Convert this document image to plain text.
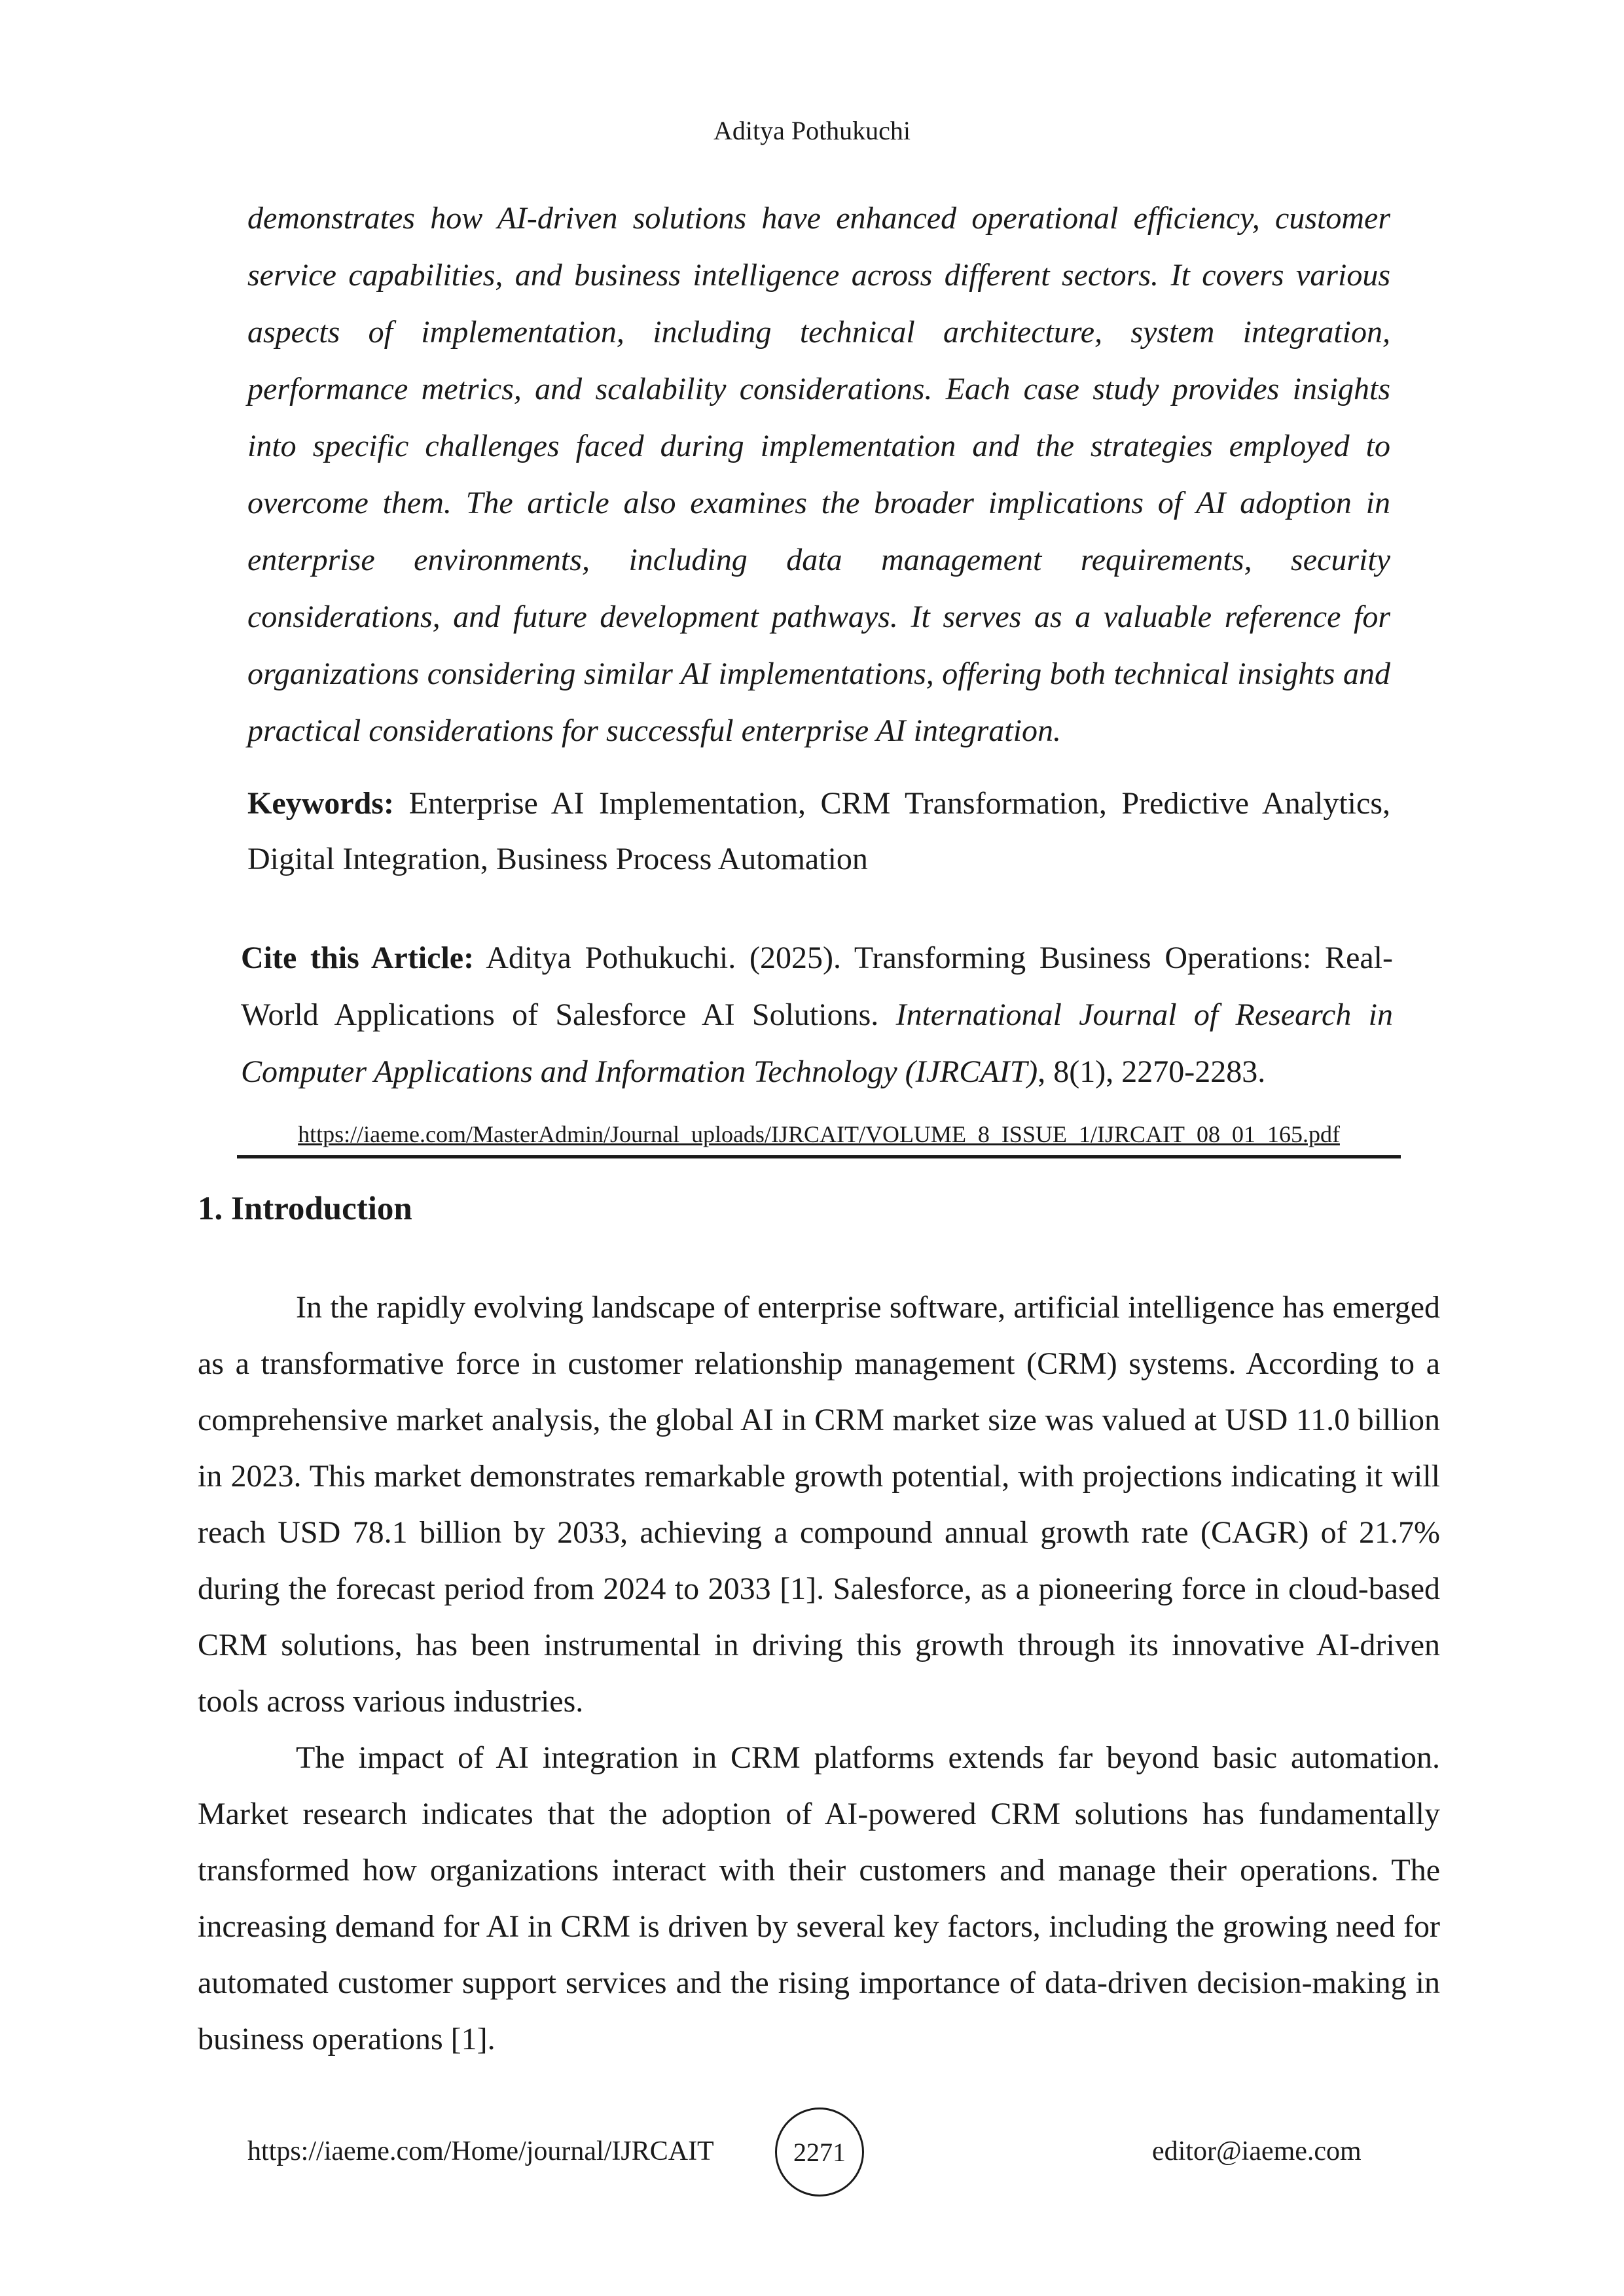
Aditya Pothukuchi

demonstrates how AI-driven solutions have enhanced operational efficiency, customer service capabilities, and business intelligence across different sectors. It covers various aspects of implementation, including technical architecture, system integration, performance metrics, and scalability considerations. Each case study provides insights into specific challenges faced during implementation and the strategies employed to overcome them. The article also examines the broader implications of AI adoption in enterprise environments, including data management requirements, security considerations, and future development pathways. It serves as a valuable reference for organizations considering similar AI implementations, offering both technical insights and practical considerations for successful enterprise AI integration.

Keywords: Enterprise AI Implementation, CRM Transformation, Predictive Analytics, Digital Integration, Business Process Automation

Cite this Article: Aditya Pothukuchi. (2025). Transforming Business Operations: Real-World Applications of Salesforce AI Solutions. International Journal of Research in Computer Applications and Information Technology (IJRCAIT), 8(1), 2270-2283.

https://iaeme.com/MasterAdmin/Journal_uploads/IJRCAIT/VOLUME_8_ISSUE_1/IJRCAIT_08_01_165.pdf
1. Introduction

In the rapidly evolving landscape of enterprise software, artificial intelligence has emerged as a transformative force in customer relationship management (CRM) systems. According to a comprehensive market analysis, the global AI in CRM market size was valued at USD 11.0 billion in 2023. This market demonstrates remarkable growth potential, with projections indicating it will reach USD 78.1 billion by 2033, achieving a compound annual growth rate (CAGR) of 21.7% during the forecast period from 2024 to 2033 [1]. Salesforce, as a pioneering force in cloud-based CRM solutions, has been instrumental in driving this growth through its innovative AI-driven tools across various industries.

The impact of AI integration in CRM platforms extends far beyond basic automation. Market research indicates that the adoption of AI-powered CRM solutions has fundamentally transformed how organizations interact with their customers and manage their operations. The increasing demand for AI in CRM is driven by several key factors, including the growing need for automated customer support services and the rising importance of data-driven decision-making in business operations [1].

https://iaeme.com/Home/journal/IJRCAIT	2271	editor@iaeme.com
